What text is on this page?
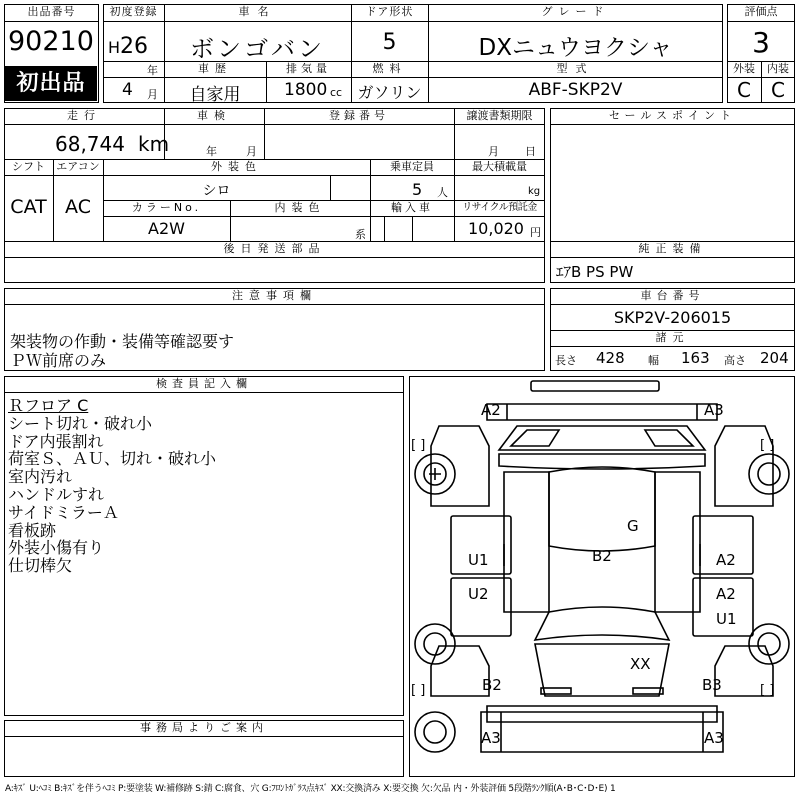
出品番号
90210
初出品
初度登録
H 26
年
4 月
車名
ボンゴバン
ドア形状
5
グレード
DXニュウヨクシャ
車歴
自家用
排気量
1800 cc
燃料
ガソリン
型式
ABF-SKP2V
評価点
3
外装	内装
C	C
走行
68,744 km
車検
年	月
登録番号	譲渡書類期限
月 日
シフト
CAT
エアコン
AC
外装色
シロ
乗車定員
5 人
最大積載量
kg
カラーNo.
A2W
内装色
系
輸入車	リサイクル預託金
10,020 円
後日発送部品
セールスポイント
純正装備
ｴｱB PS PW
車台番号
SKP2V-206015
諸元
長さ 428 幅 163 高さ 204
注意事項欄
架装物の作動・装備等確認要す
ＰＷ前席のみ
検査員記入欄
Ｒフロア C
シート切れ・破れ小
ドア内張割れ
荷室Ｓ、ＡＵ、切れ・破れ小
室内汚れ
ハンドルすれ
サイドミラーＡ
看板跡
外装小傷有り
仕切棒欠
事務局よりご案内
A2	A3
G
B2
U1	A2
U2	A2
U1
XX
B2	B3
A3	A3
[ ]	[ ]
[ ]	[ ]
A:ｷｽﾞ U:ﾍｺﾐ B:ｷｽﾞを伴うﾍｺﾐ P:要塗装 W:補修跡 S:錆 C:腐食、穴 G:ﾌﾛﾝﾄｶﾞﾗｽ点ｷｽﾞ XX:交換済み X:要交換 欠:欠品 内・外装評価 5段階ﾗﾝｸ順(A･B･C･D･E) 1
